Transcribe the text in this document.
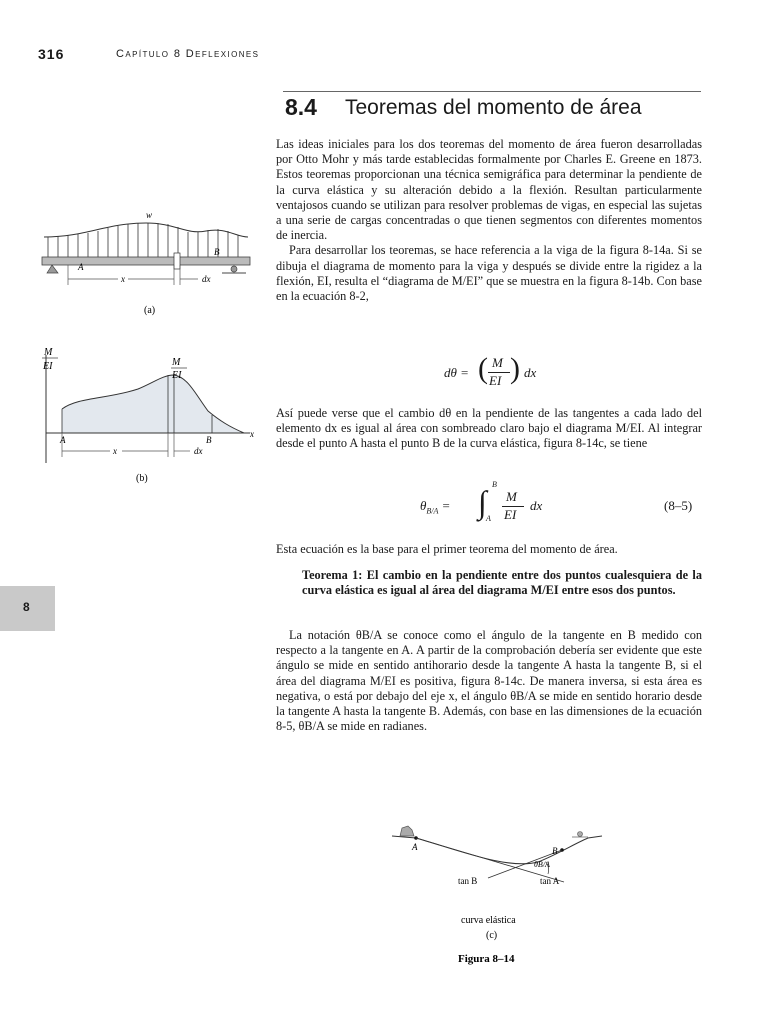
316	Capítulo 8 Deflexiones
8.4 Teoremas del momento de área

Las ideas iniciales para los dos teoremas del momento de área fueron desarrolladas por Otto Mohr y más tarde establecidas formalmente por Charles E. Greene en 1873. Estos teoremas proporcionan una técnica semigráfica para determinar la pendiente de la curva elástica y su alteración debido a la flexión. Resultan particularmente ventajosos cuando se utilizan para resolver problemas de vigas, en especial las sujetas a una serie de cargas concentradas o que tienen segmentos con diferentes momentos de inercia.

Para desarrollar los teoremas, se hace referencia a la viga de la figura 8-14a. Si se dibuja el diagrama de momento para la viga y después se divide entre la rigidez a la flexión, EI, resulta el “diagrama de M/EI” que se muestra en la figura 8-14b. Con base en la ecuación 8-2,

dθ = ( M
EI ) dx

Así puede verse que el cambio dθ en la pendiente de las tangentes a cada lado del elemento dx es igual al área con sombreado claro bajo el diagrama M/EI. Al integrar desde el punto A hasta el punto B de la curva elástica, figura 8-14c, se tiene

$\theta_{B/A}$ = ∫ B
A
M
EI
dx	(8–5)

Esta ecuación es la base para el primer teorema del momento de área.

Teorema 1: El cambio en la pendiente entre dos puntos cualesquiera de la curva elástica es igual al área del diagrama M/EI entre esos dos puntos.

La notación θB/A se conoce como el ángulo de la tangente en B medido con respecto a la tangente en A. A partir de la comprobación debería ser evidente que este ángulo se mide en sentido antihorario desde la tangente A hasta la tangente B, si el área del diagrama M/EI es positiva, figura 8-14c. De manera inversa, si esta área es negativa, o está por debajo del eje x, el ángulo θB/A se mide en sentido horario desde la tangente A hasta la tangente B. Además, con base en las dimensiones de la ecuación 8-5, θB/A se mide en radianes.

8
w
A
B
x	dx
(a)
M
EI	M
EI
A	B
x
x	dx
(b)
A	B
θB/A
tan B	tan A
curva elástica
(c)
Figura 8–14
